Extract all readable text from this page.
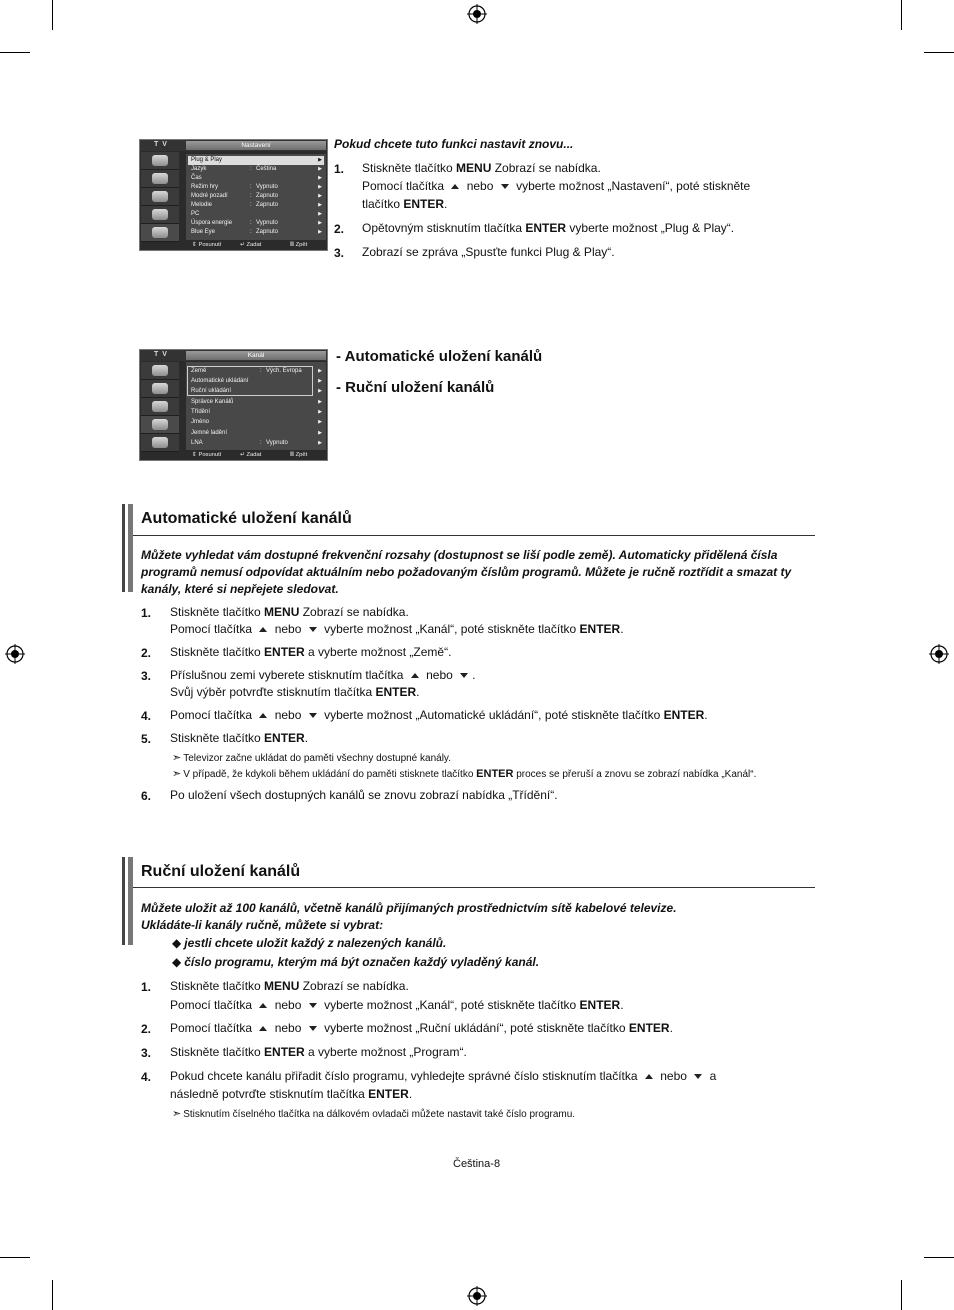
T V	Nastavení
Plug & Play	▶
Jazyk	: Čeština	▶
Čas	▶
Režim hry	: Vypnuto	▶
Modré pozadí	: Zapnuto	▶
Melodie	: Zapnuto	▶
PC	▶
Úspora energie	: Vypnuto	▶
Blue Eye	: Zapnuto	▶
⇕ Posunutí	↵ Zadat	Ⅲ Zpět
Pokud chcete tuto funkci nastavit znovu...
1. Stiskněte tlačítko MENU Zobrazí se nabídka.
Pomocí tlačítka  nebo  vyberte možnost „Nastavení“, poté stiskněte
tlačítko ENTER.
2. Opětovným stisknutím tlačítka ENTER vyberte možnost „Plug & Play“.
3. Zobrazí se zpráva „Spusťte funkci Plug & Play“.
T V	Kanál
Země	: Vých. Evropa	▶
Automatické ukládání	▶
Ruční ukládání	▶
Správce Kanálů	▶
Třídění	▶
Jméno	▶
Jemné ladění	▶
LNA	: Vypnuto	▶
⇕ Posunutí	↵ Zadat	Ⅲ Zpět
- Automatické uložení kanálů
- Ruční uložení kanálů
Automatické uložení kanálů
Můžete vyhledat vám dostupné frekvenční rozsahy (dostupnost se liší podle země). Automaticky přidělená čísla
programů nemusí odpovídat aktuálním nebo požadovaným číslům programů. Můžete je ručně roztřídit a smazat ty
kanály, které si nepřejete sledovat.
1. Stiskněte tlačítko MENU Zobrazí se nabídka.
Pomocí tlačítka  nebo  vyberte možnost „Kanál“, poté stiskněte tlačítko ENTER.
2. Stiskněte tlačítko ENTER a vyberte možnost „Země“.
3. Příslušnou zemi vyberete stisknutím tlačítka  nebo .
Svůj výběr potvrďte stisknutím tlačítka ENTER.
4. Pomocí tlačítka  nebo  vyberte možnost „Automatické ukládání“, poté stiskněte tlačítko ENTER.
5. Stiskněte tlačítko ENTER.
➣ Televizor začne ukládat do paměti všechny dostupné kanály.
➣ V případě, že kdykoli během ukládání do paměti stisknete tlačítko ENTER proces se přeruší a znovu se zobrazí nabídka „Kanál“.
6. Po uložení všech dostupných kanálů se znovu zobrazí nabídka „Třídění“.
Ruční uložení kanálů
Můžete uložit až 100 kanálů, včetně kanálů přijímaných prostřednictvím sítě kabelové televize.
Ukládáte-li kanály ručně, můžete si vybrat:
◆ jestli chcete uložit každý z nalezených kanálů.
◆ číslo programu, kterým má být označen každý vyladěný kanál.
1. Stiskněte tlačítko MENU Zobrazí se nabídka.
Pomocí tlačítka  nebo  vyberte možnost „Kanál“, poté stiskněte tlačítko ENTER.
2. Pomocí tlačítka  nebo  vyberte možnost „Ruční ukládání“, poté stiskněte tlačítko ENTER.
3. Stiskněte tlačítko ENTER a vyberte možnost „Program“.
4. Pokud chcete kanálu přiřadit číslo programu, vyhledejte správné číslo stisknutím tlačítka  nebo  a
následně potvrďte stisknutím tlačítka ENTER.
➣ Stisknutím číselného tlačítka na dálkovém ovladači můžete nastavit také číslo programu.
Čeština-8
